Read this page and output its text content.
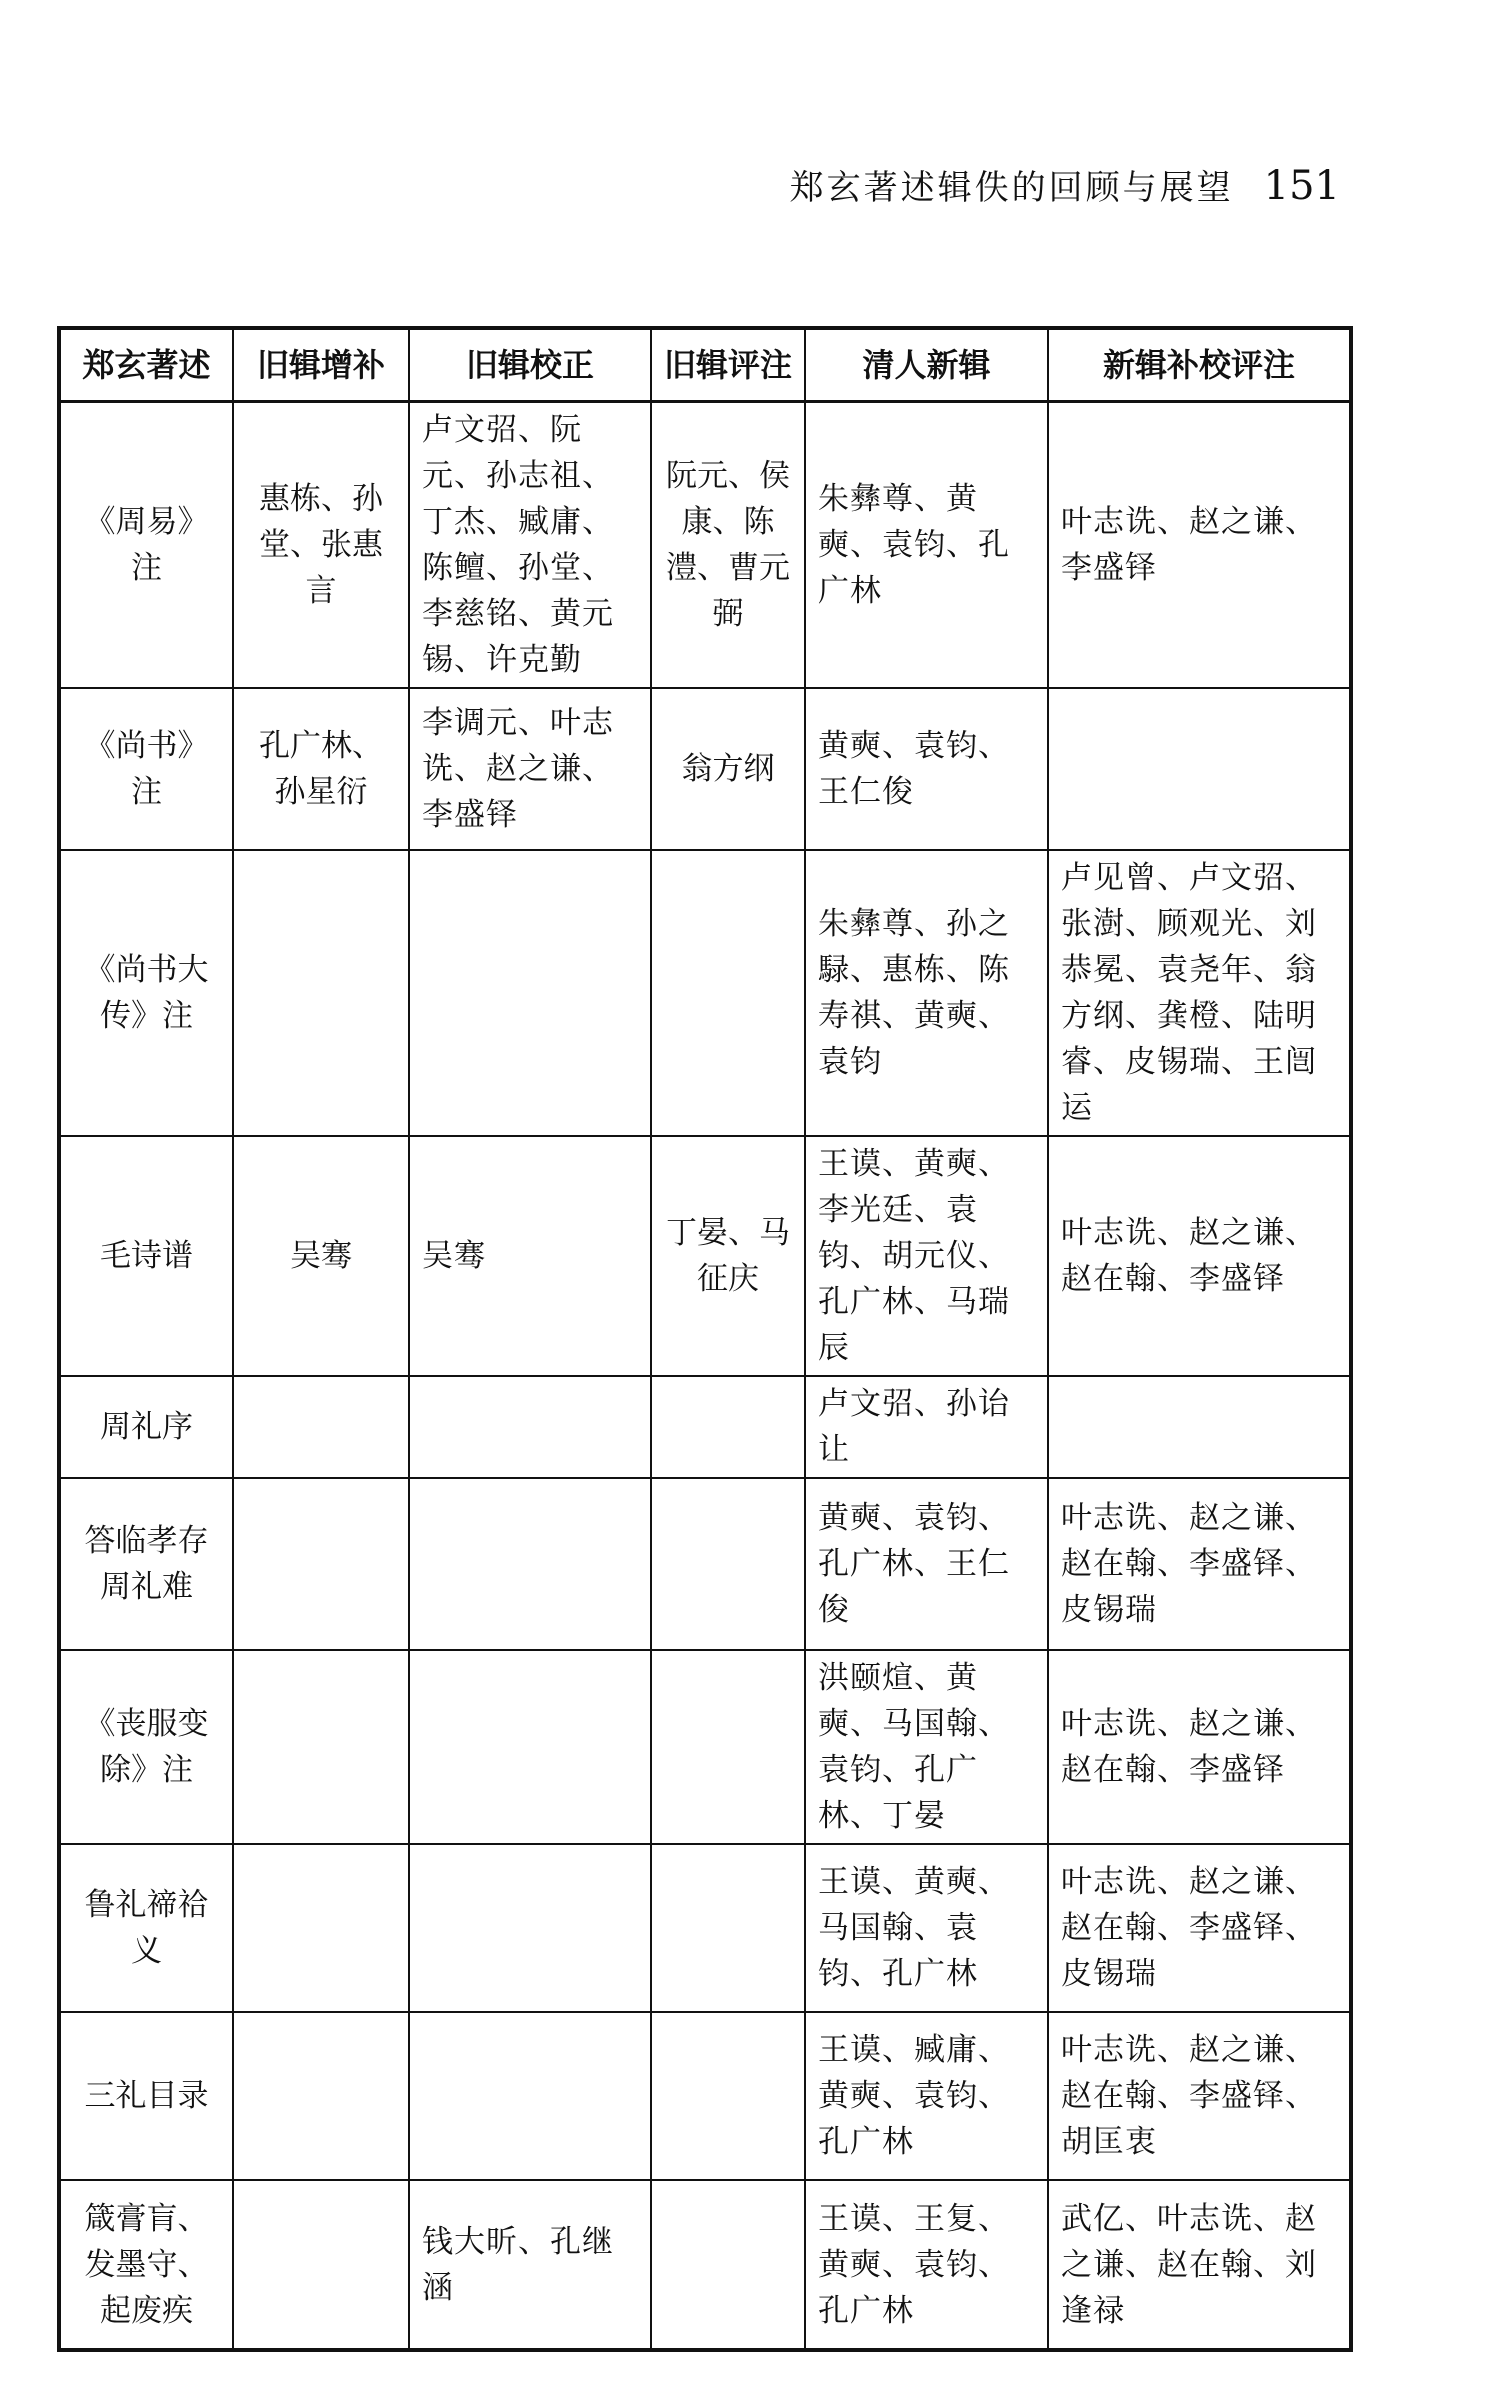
郑玄著述辑佚的回顾与展望 151
郑玄著述	旧辑增补	旧辑校正	旧辑评注	清人新辑	新辑补校评注
《周易》注	惠栋、孙堂、张惠言	卢文弨、阮元、孙志祖、丁杰、臧庸、陈鳣、孙堂、李慈铭、黄元锡、许克勤	阮元、侯康、陈澧、曹元弼	朱彝尊、黄奭、袁钧、孔广林	叶志诜、赵之谦、李盛铎
《尚书》注	孔广林、孙星衍	李调元、叶志诜、赵之谦、李盛铎	翁方纲	黄奭、袁钧、王仁俊	
《尚书大传》注				朱彝尊、孙之騄、惠栋、陈寿祺、黄奭、袁钧	卢见曾、卢文弨、张澍、顾观光、刘恭冕、袁尧年、翁方纲、龚橙、陆明睿、皮锡瑞、王闿运
毛诗谱	吴骞	吴骞	丁晏、马征庆	王谟、黄奭、李光廷、袁钧、胡元仪、孔广林、马瑞辰	叶志诜、赵之谦、赵在翰、李盛铎
周礼序				卢文弨、孙诒让	
答临孝存周礼难				黄奭、袁钧、孔广林、王仁俊	叶志诜、赵之谦、赵在翰、李盛铎、皮锡瑞
《丧服变除》注				洪颐煊、黄奭、马国翰、袁钧、孔广林、丁晏	叶志诜、赵之谦、赵在翰、李盛铎
鲁礼禘祫义				王谟、黄奭、马国翰、袁钧、孔广林	叶志诜、赵之谦、赵在翰、李盛铎、皮锡瑞
三礼目录				王谟、臧庸、黄奭、袁钧、孔广林	叶志诜、赵之谦、赵在翰、李盛铎、胡匡衷
箴膏肓、发墨守、起废疾		钱大昕、孔继涵		王谟、王复、黄奭、袁钧、孔广林	武亿、叶志诜、赵之谦、赵在翰、刘逢禄
